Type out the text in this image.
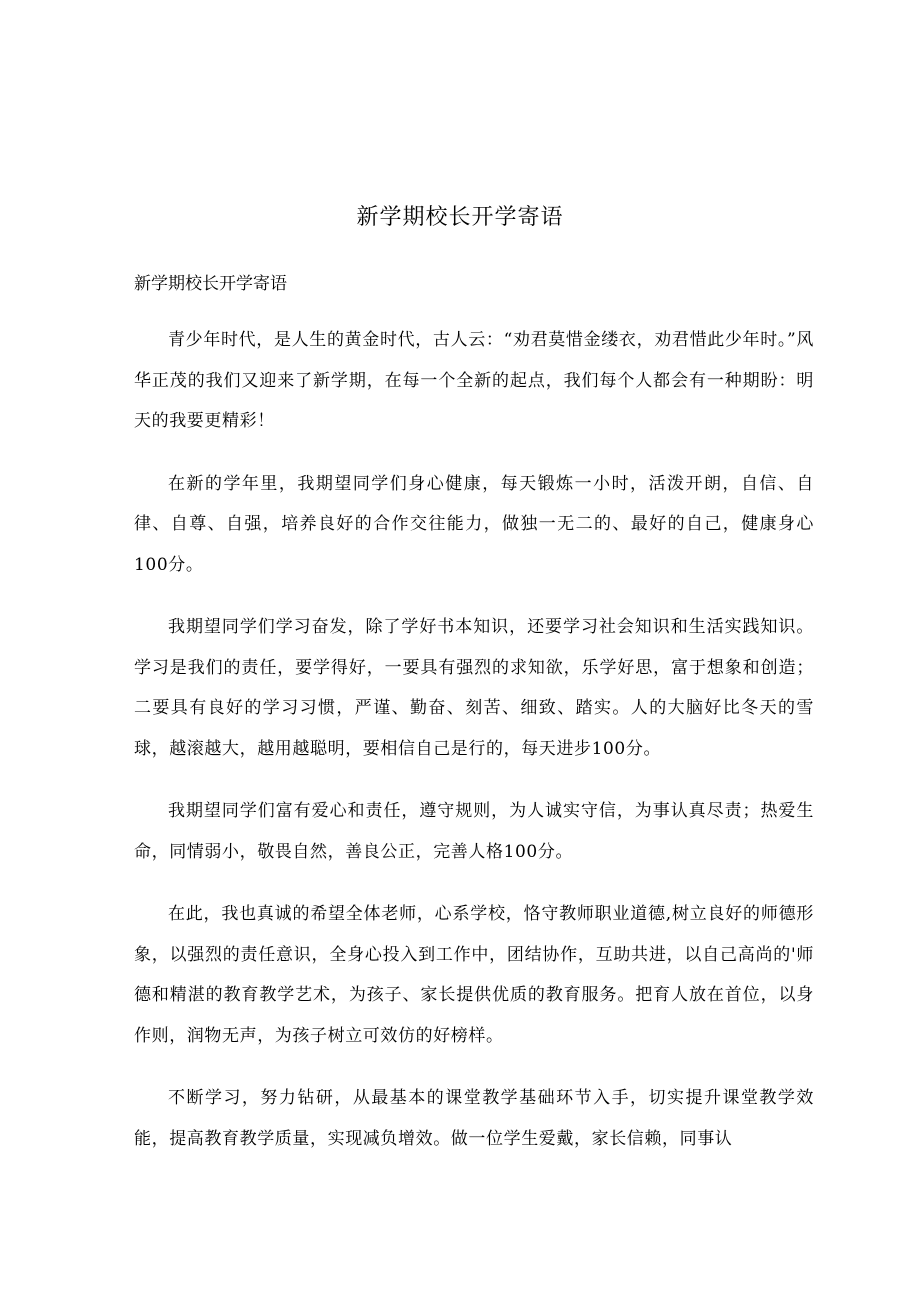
新学期校长开学寄语

新学期校长开学寄语

青少年时代，是人生的黄金时代，古人云：“劝君莫惜金缕衣，劝君惜此少年时。”风华正茂的我们又迎来了新学期，在每一个全新的起点，我们每个人都会有一种期盼：明天的我要更精彩！

在新的学年里，我期望同学们身心健康，每天锻炼一小时，活泼开朗，自信、自律、自尊、自强，培养良好的合作交往能力，做独一无二的、最好的自己，健康身心100分。

我期望同学们学习奋发，除了学好书本知识，还要学习社会知识和生活实践知识。学习是我们的责任，要学得好，一要具有强烈的求知欲，乐学好思，富于想象和创造；二要具有良好的学习习惯，严谨、勤奋、刻苦、细致、踏实。人的大脑好比冬天的雪球，越滚越大，越用越聪明，要相信自己是行的，每天进步100分。

我期望同学们富有爱心和责任，遵守规则，为人诚实守信，为事认真尽责；热爱生命，同情弱小，敬畏自然，善良公正，完善人格100分。

在此，我也真诚的希望全体老师，心系学校，恪守教师职业道德,树立良好的师德形象，以强烈的责任意识，全身心投入到工作中，团结协作，互助共进，以自己高尚的'师德和精湛的教育教学艺术，为孩子、家长提供优质的教育服务。把育人放在首位，以身作则，润物无声，为孩子树立可效仿的好榜样。

不断学习，努力钻研，从最基本的课堂教学基础环节入手，切实提升课堂教学效能，提高教育教学质量，实现减负增效。做一位学生爱戴，家长信赖，同事认
